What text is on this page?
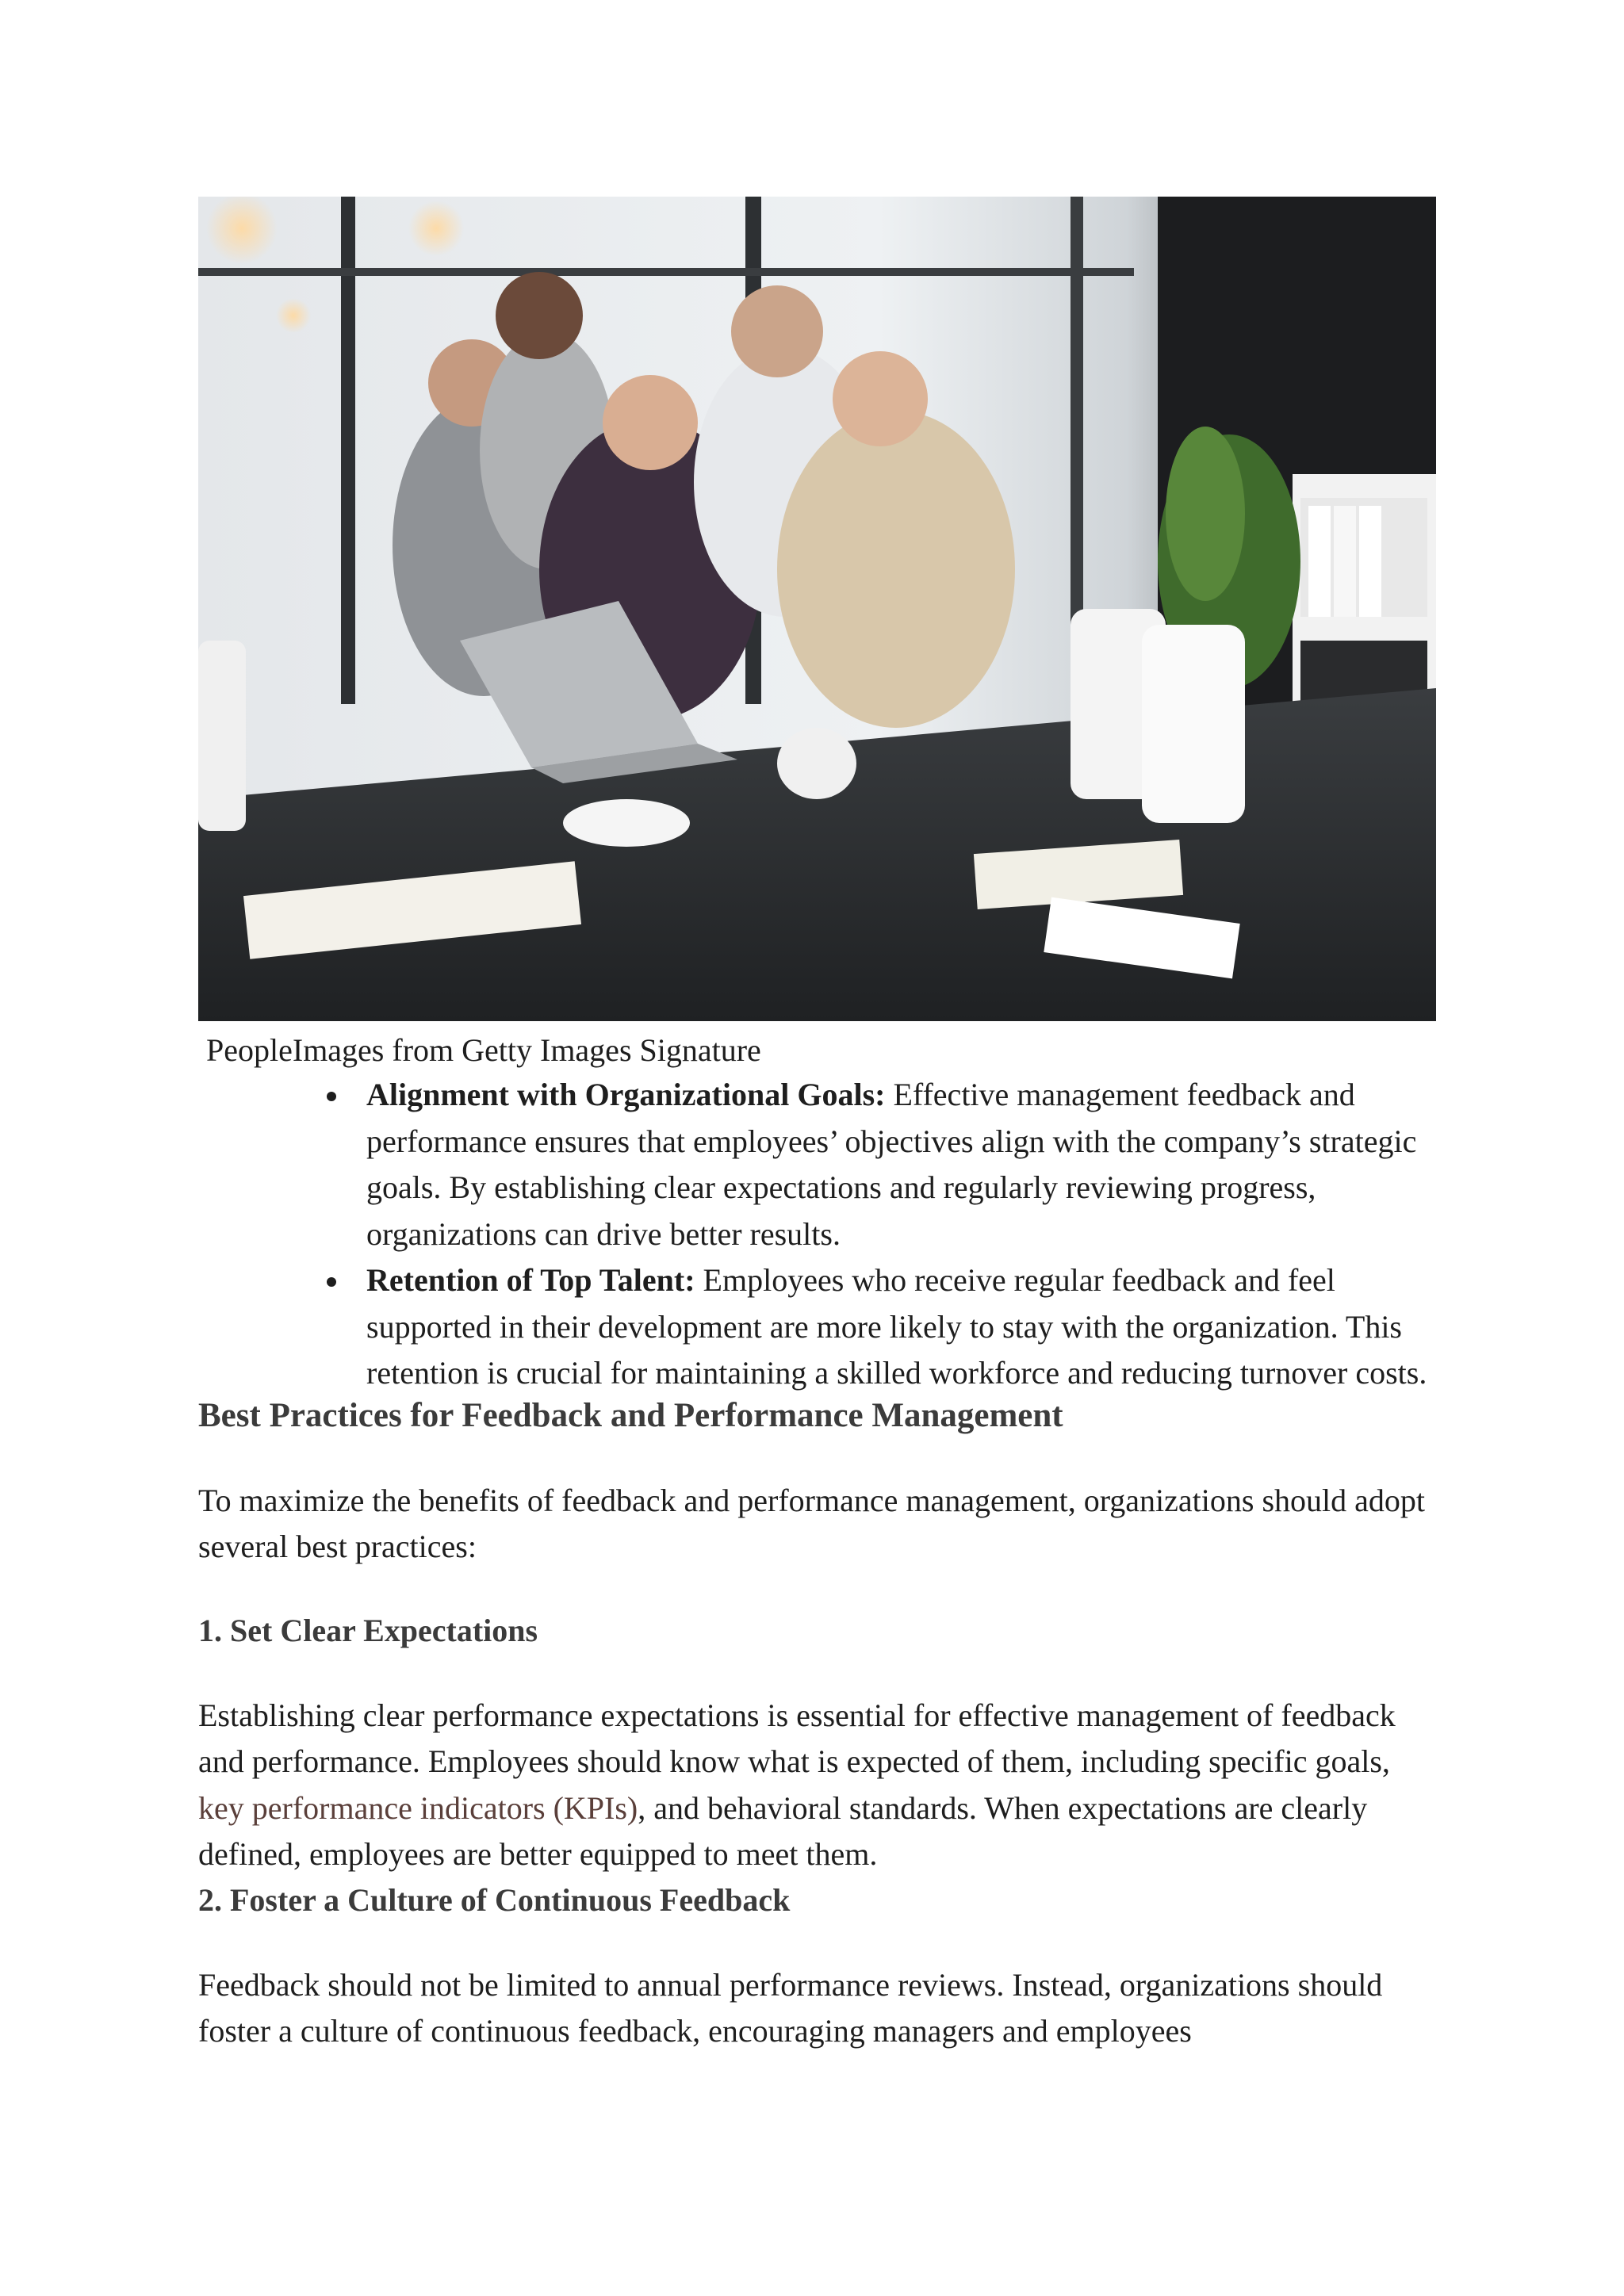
PeopleImages from Getty Images Signature
Alignment with Organizational Goals: Effective management feedback and performance ensures that employees’ objectives align with the company’s strategic goals. By establishing clear expectations and regularly reviewing progress, organizations can drive better results.
Retention of Top Talent: Employees who receive regular feedback and feel supported in their development are more likely to stay with the organization. This retention is crucial for maintaining a skilled workforce and reducing turnover costs.
Best Practices for Feedback and Performance Management

To maximize the benefits of feedback and performance management, organizations should adopt several best practices:

1. Set Clear Expectations

Establishing clear performance expectations is essential for effective management of feedback and performance. Employees should know what is expected of them, including specific goals, key performance indicators (KPIs), and behavioral standards. When expectations are clearly defined, employees are better equipped to meet them.

2. Foster a Culture of Continuous Feedback

Feedback should not be limited to annual performance reviews. Instead, organizations should foster a culture of continuous feedback, encouraging managers and employees
